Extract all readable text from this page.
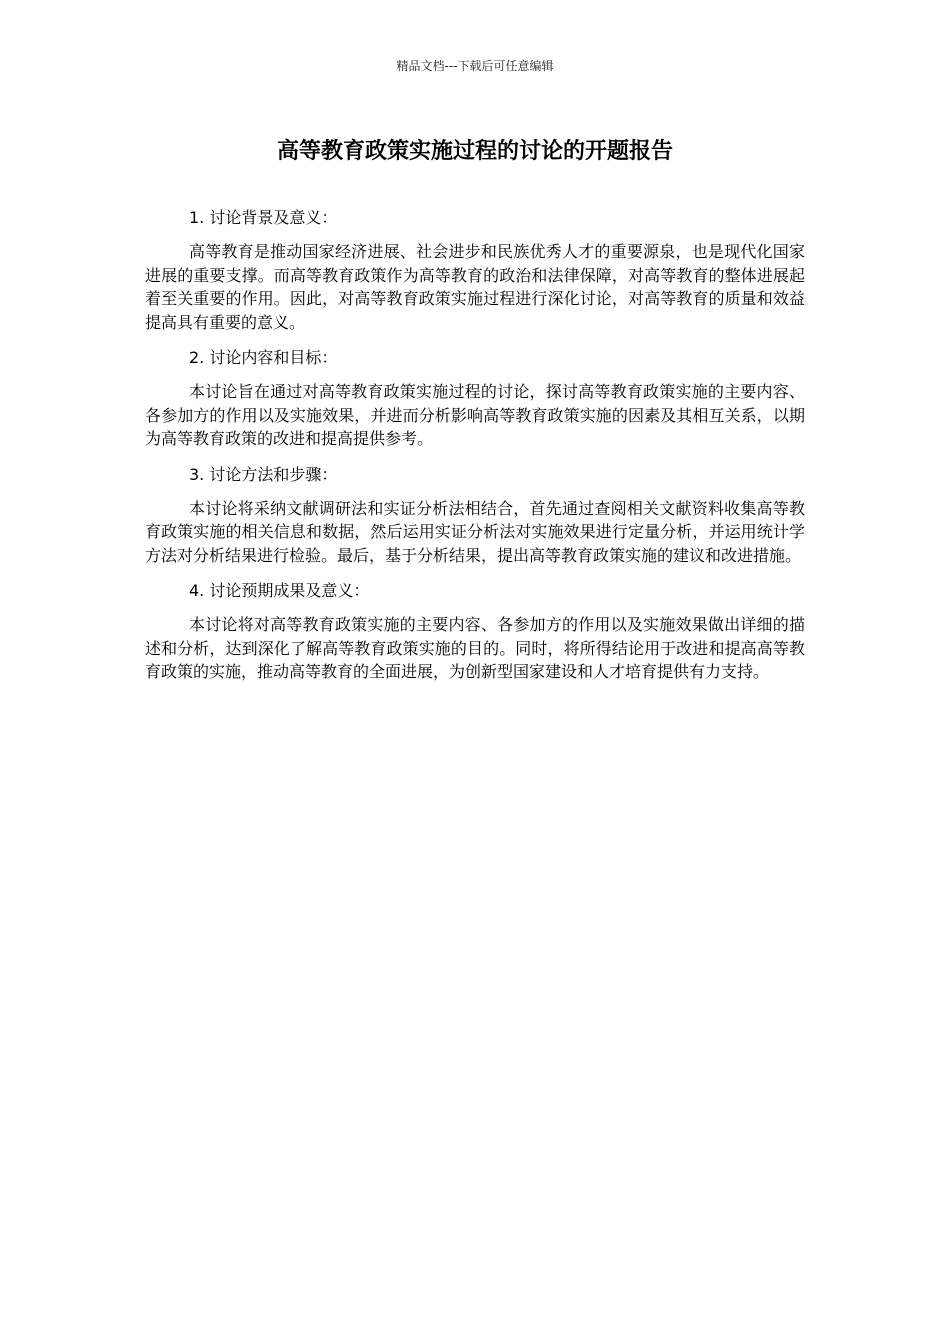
精品文档---下载后可任意编辑
高等教育政策实施过程的讨论的开题报告

1. 讨论背景及意义：

高等教育是推动国家经济进展、社会进步和民族优秀人才的重要源泉，也是现代化国家进展的重要支撑。而高等教育政策作为高等教育的政治和法律保障，对高等教育的整体进展起着至关重要的作用。因此，对高等教育政策实施过程进行深化讨论，对高等教育的质量和效益提高具有重要的意义。

2. 讨论内容和目标：

本讨论旨在通过对高等教育政策实施过程的讨论，探讨高等教育政策实施的主要内容、各参加方的作用以及实施效果，并进而分析影响高等教育政策实施的因素及其相互关系，以期为高等教育政策的改进和提高提供参考。

3. 讨论方法和步骤：

本讨论将采纳文献调研法和实证分析法相结合，首先通过查阅相关文献资料收集高等教育政策实施的相关信息和数据，然后运用实证分析法对实施效果进行定量分析，并运用统计学方法对分析结果进行检验。最后，基于分析结果，提出高等教育政策实施的建议和改进措施。

4. 讨论预期成果及意义：

本讨论将对高等教育政策实施的主要内容、各参加方的作用以及实施效果做出详细的描述和分析，达到深化了解高等教育政策实施的目的。同时，将所得结论用于改进和提高高等教育政策的实施，推动高等教育的全面进展，为创新型国家建设和人才培育提供有力支持。
